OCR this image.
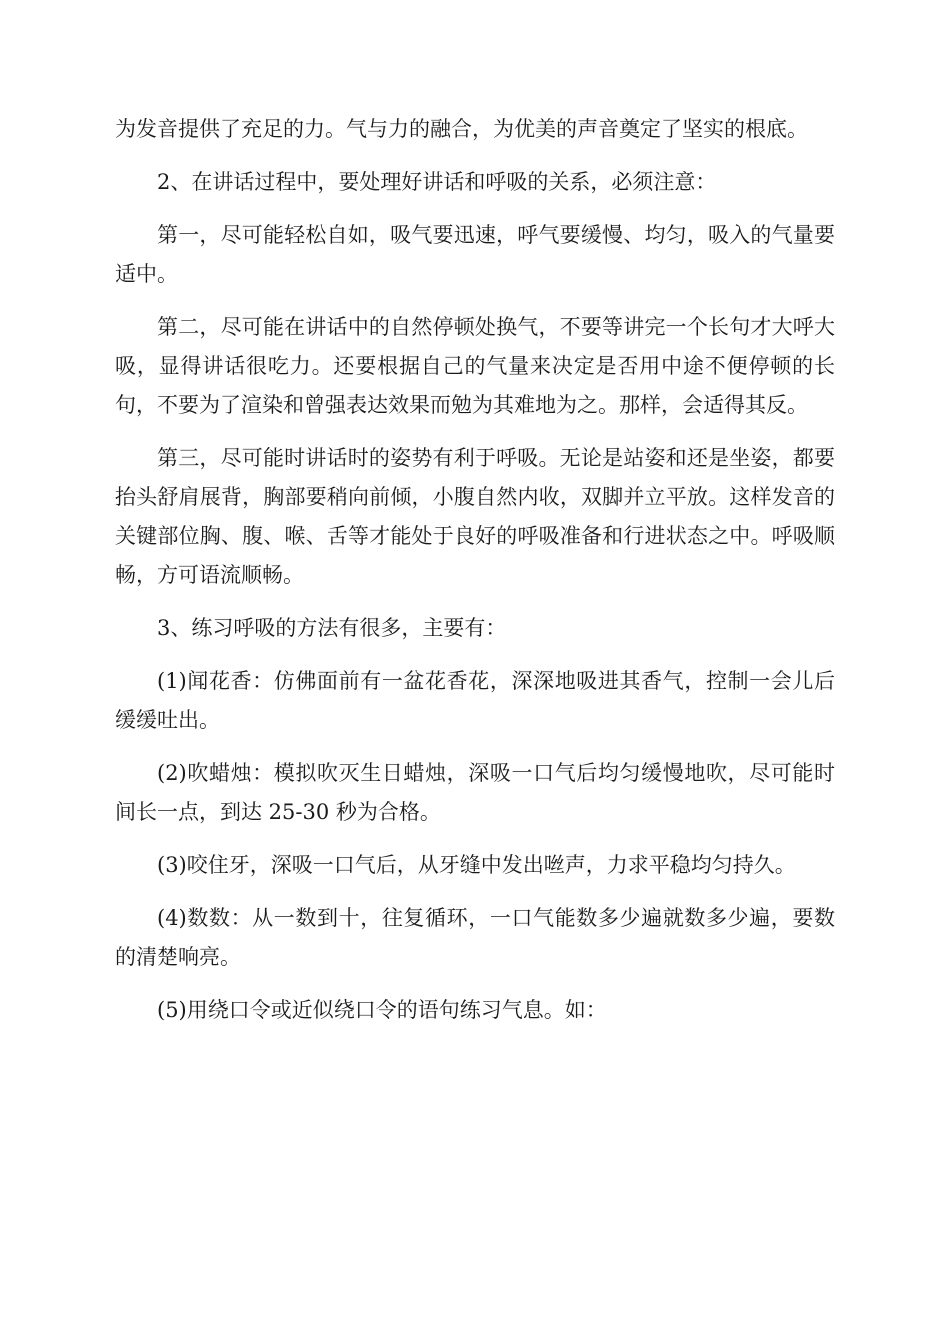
为发音提供了充足的力。气与力的融合，为优美的声音奠定了坚实的根底。

2、在讲话过程中，要处理好讲话和呼吸的关系，必须注意：

第一，尽可能轻松自如，吸气要迅速，呼气要缓慢、均匀，吸入的气量要适中。

第二，尽可能在讲话中的自然停顿处换气，不要等讲完一个长句才大呼大吸，显得讲话很吃力。还要根据自己的气量来决定是否用中途不便停顿的长句，不要为了渲染和曾强表达效果而勉为其难地为之。那样，会适得其反。

第三，尽可能时讲话时的姿势有利于呼吸。无论是站姿和还是坐姿，都要抬头舒肩展背，胸部要稍向前倾，小腹自然内收，双脚并立平放。这样发音的关键部位胸、腹、喉、舌等才能处于良好的呼吸准备和行进状态之中。呼吸顺畅，方可语流顺畅。

3、练习呼吸的方法有很多，主要有：

(1)闻花香：仿佛面前有一盆花香花，深深地吸进其香气，控制一会儿后缓缓吐出。

(2)吹蜡烛：模拟吹灭生日蜡烛，深吸一口气后均匀缓慢地吹，尽可能时间长一点，到达 25-30 秒为合格。

(3)咬住牙，深吸一口气后，从牙缝中发出咝声，力求平稳均匀持久。

(4)数数：从一数到十，往复循环，一口气能数多少遍就数多少遍，要数的清楚响亮。

(5)用绕口令或近似绕口令的语句练习气息。如：
